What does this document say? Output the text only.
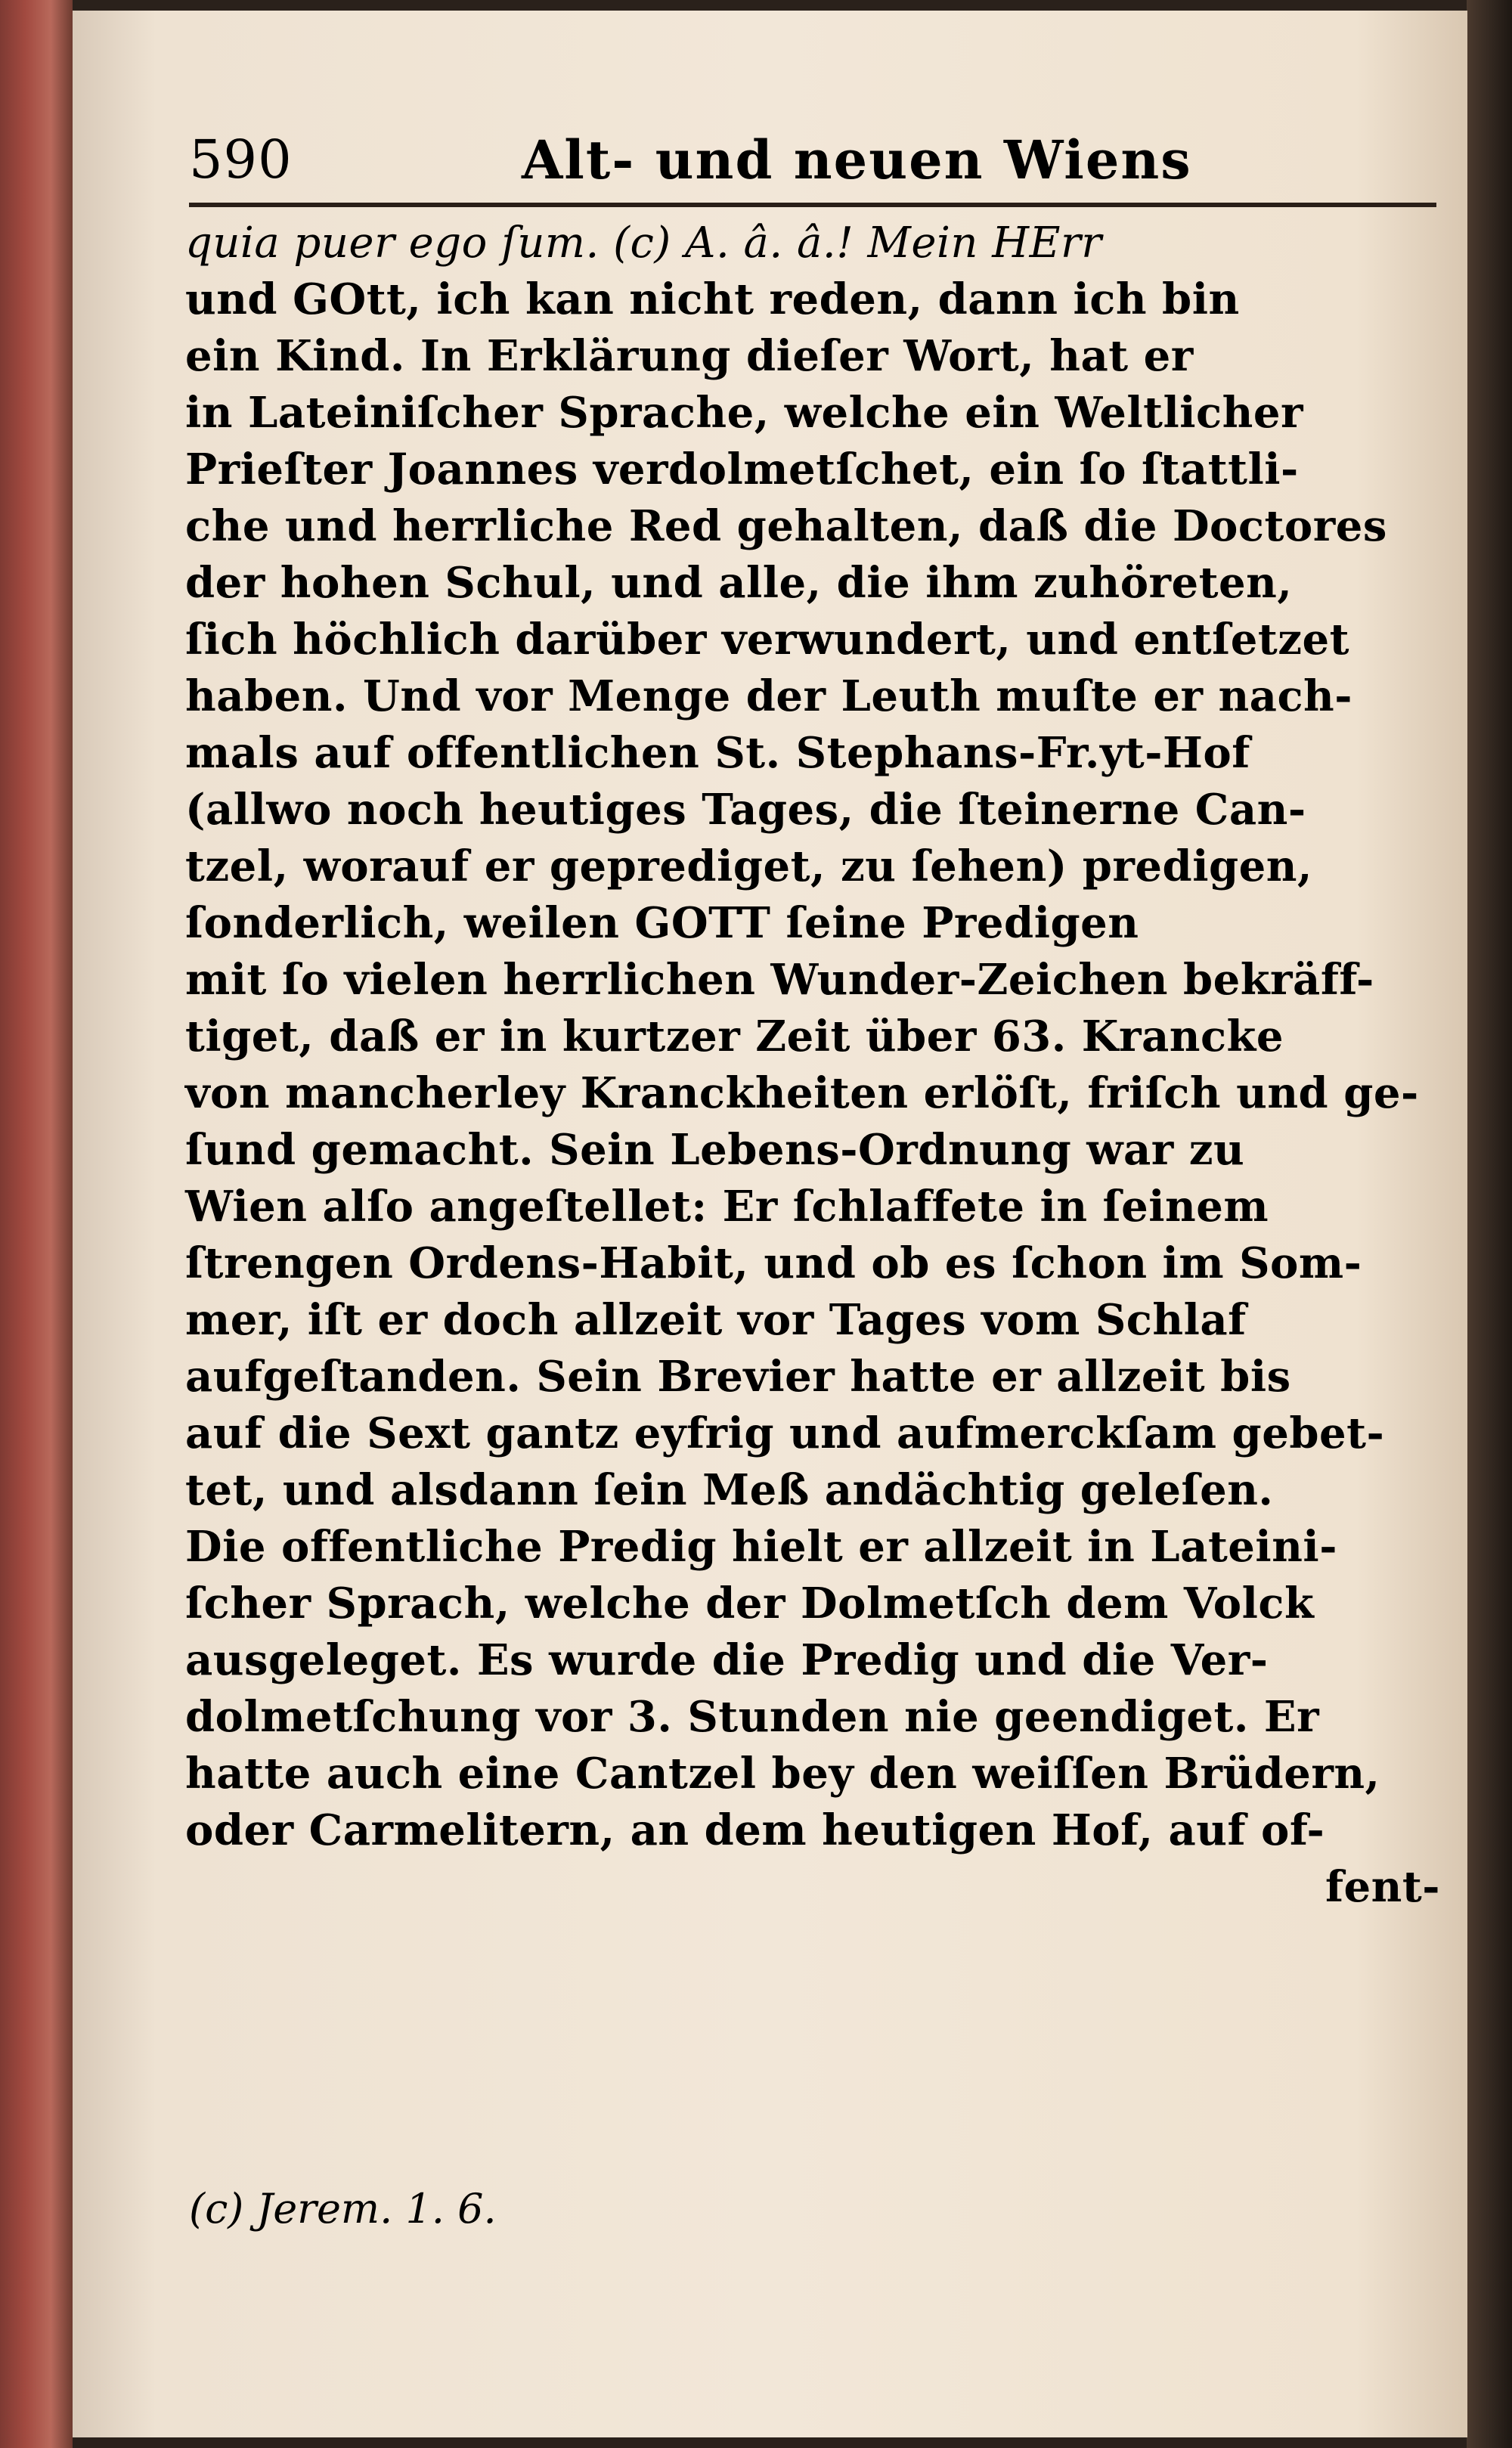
590	Alt- und neuen Wiens
quia puer ego ſum. (c) A. â. â.! Mein HErr
und GOtt, ich kan nicht reden, dann ich bin
ein Kind. In Erklärung dieſer Wort, hat er
in Lateiniſcher Sprache, welche ein Weltlicher
Prieſter Joannes verdolmetſchet, ein ſo ſtattli-
che und herrliche Red gehalten, daß die Doctores
der hohen Schul, und alle, die ihm zuhöreten,
ſich höchlich darüber verwundert, und entſetzet
haben. Und vor Menge der Leuth muſte er nach-
mals auf offentlichen St. Stephans-Fr.yt-Hof
(allwo noch heutiges Tages, die ſteinerne Can-
tzel, worauf er geprediget, zu ſehen) predigen,
ſonderlich, weilen GOTT ſeine Predigen
mit ſo vielen herrlichen Wunder-Zeichen bekräff-
tiget, daß er in kurtzer Zeit über 63. Krancke
von mancherley Kranckheiten erlöſt, friſch und ge-
ſund gemacht. Sein Lebens-Ordnung war zu
Wien alſo angeſtellet: Er ſchlaffete in ſeinem
ſtrengen Ordens-Habit, und ob es ſchon im Som-
mer, iſt er doch allzeit vor Tages vom Schlaf
aufgeſtanden. Sein Brevier hatte er allzeit bis
auf die Sext gantz eyfrig und aufmerckſam gebet-
tet, und alsdann ſein Meß andächtig geleſen.
Die offentliche Predig hielt er allzeit in Lateini-
ſcher Sprach, welche der Dolmetſch dem Volck
ausgeleget. Es wurde die Predig und die Ver-
dolmetſchung vor 3. Stunden nie geendiget. Er
hatte auch eine Cantzel bey den weiſſen Brüdern,
oder Carmelitern, an dem heutigen Hof, auf of-
fent-
(c) Jerem. 1. 6.
